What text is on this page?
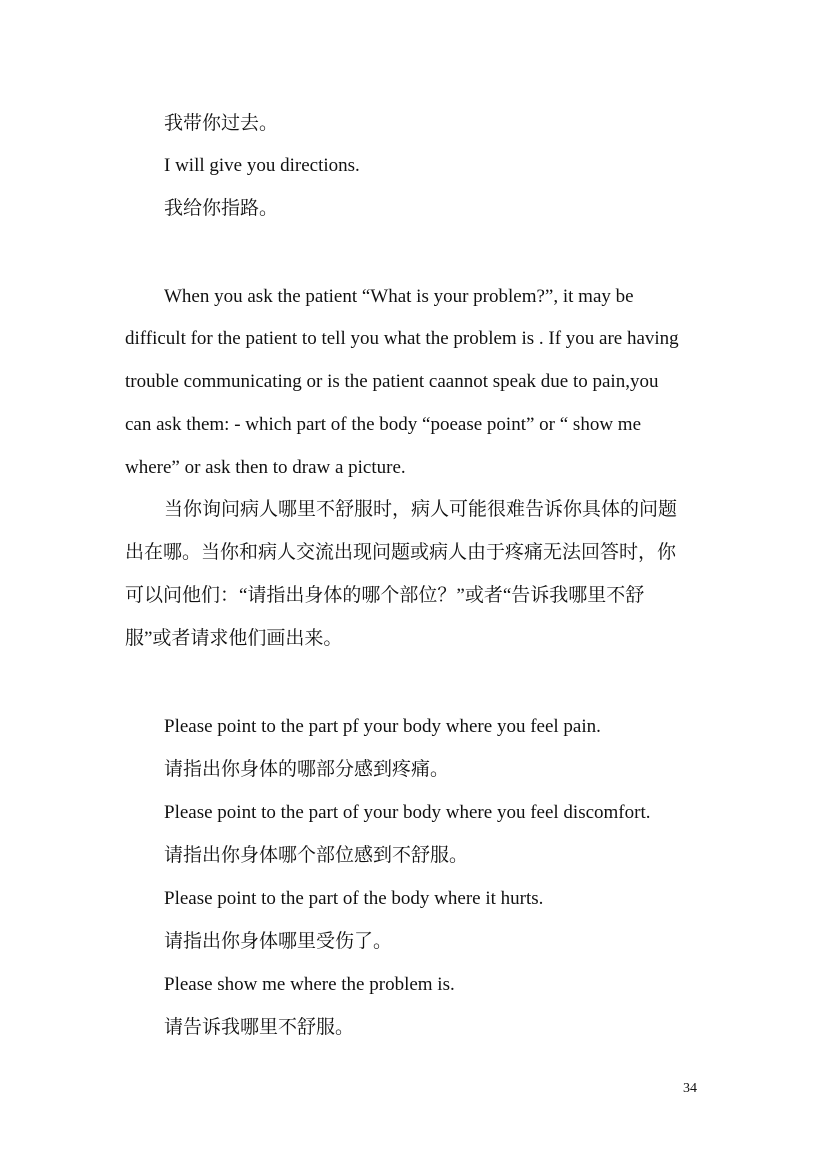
我带你过去。

I will give you directions.

我给你指路。

When you ask the patient “What is your problem?”, it may be

difficult for the patient to tell you what the problem is . If you are having

trouble communicating or is the patient caannot speak due to pain,you

can ask them: - which part of the body “poease point” or “ show me

where” or ask then to draw a picture.

当你询问病人哪里不舒服时，病人可能很难告诉你具体的问题

出在哪。当你和病人交流出现问题或病人由于疼痛无法回答时，你

可以问他们：“请指出身体的哪个部位？”或者“告诉我哪里不舒

服”或者请求他们画出来。

Please point to the part pf your body where you feel pain.

请指出你身体的哪部分感到疼痛。

Please point to the part of your body where you feel discomfort.

请指出你身体哪个部位感到不舒服。

Please point to the part of the body where it hurts.

请指出你身体哪里受伤了。

Please show me where the problem is.

请告诉我哪里不舒服。

34
